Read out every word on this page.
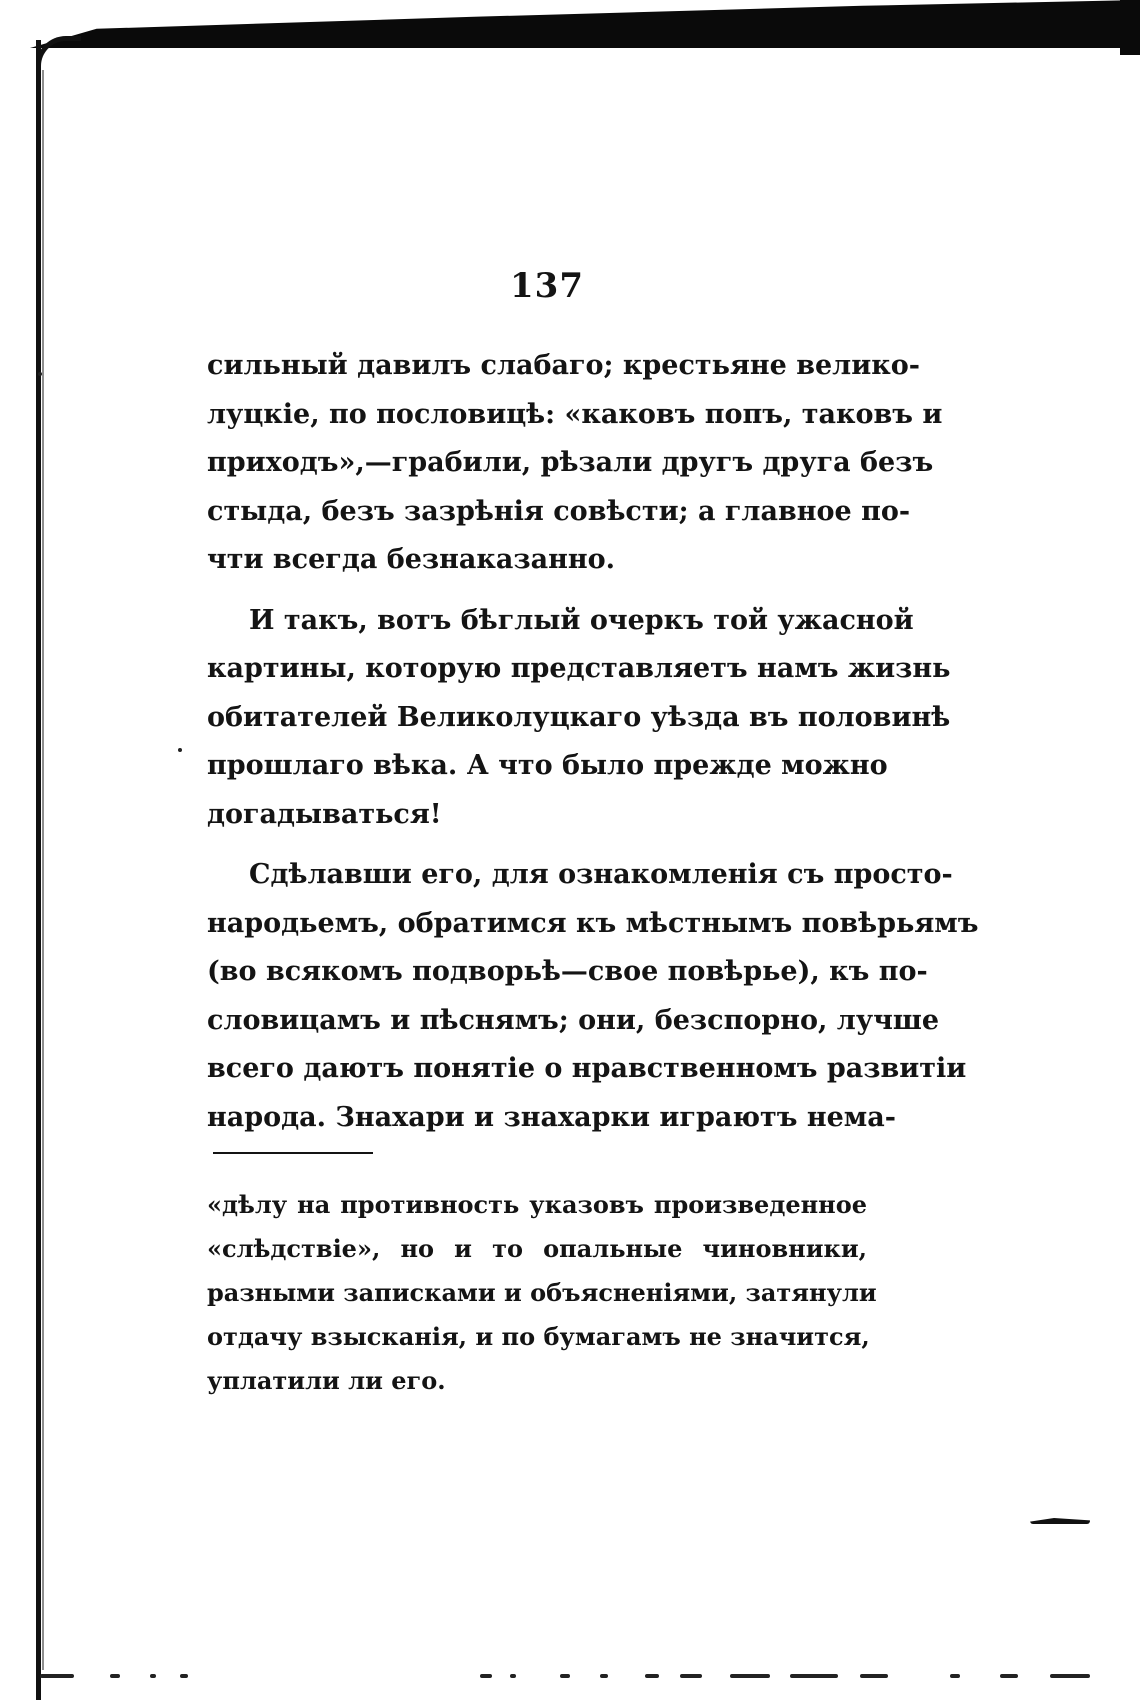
137

сильный давилъ слабаго; крестьяне велико-
луцкіе, по пословицѣ: «каковъ попъ, таковъ и
приходъ»,—грабили, рѣзали другъ друга безъ
стыда, безъ зазрѣнія совѣсти; а главное по-
чти всегда безнаказанно.

И такъ, вотъ бѣглый очеркъ той ужасной
картины, которую представляетъ намъ жизнь
обитателей Великолуцкаго уѣзда въ половинѣ
прошлаго вѣка. А что было прежде можно
догадываться!

Сдѣлавши его, для ознакомленія съ просто-
народьемъ, обратимся къ мѣстнымъ повѣрьямъ
(во всякомъ подворьѣ—свое повѣрье), къ по-
словицамъ и пѣснямъ; они, безспорно, лучше
всего даютъ понятіе о нравственномъ развитіи
народа. Знахари и знахарки играютъ нема-

«дѣлу на противность указовъ произведенное
«слѣдствіе», но и то опальные чиновники,
разными записками и объясненіями, затянули
отдачу взысканія, и по бумагамъ не значится,
уплатили ли его.
